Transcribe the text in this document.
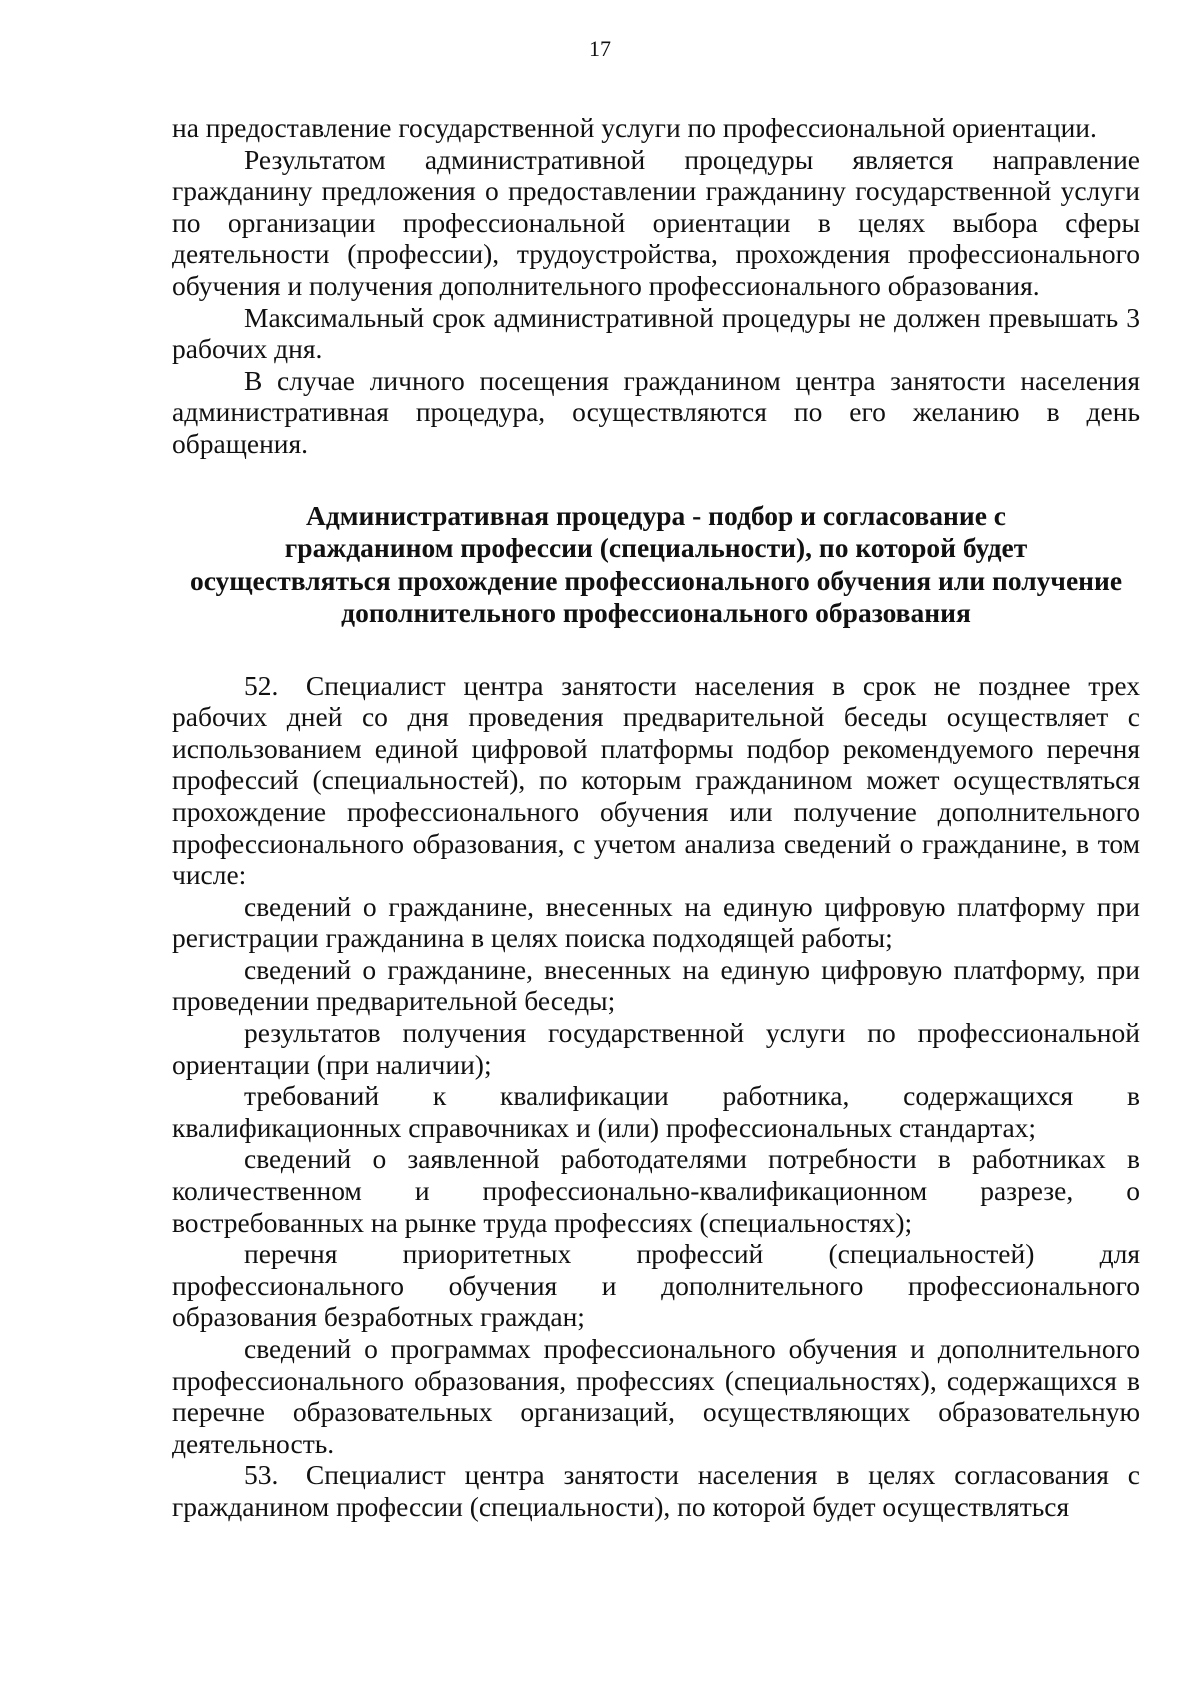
17

на предоставление государственной услуги по профессиональной ориентации.

Результатом административной процедуры является направление гражданину предложения о предоставлении гражданину государственной услуги по организации профессиональной ориентации в целях выбора сферы деятельности (профессии), трудоустройства, прохождения профессионального обучения и получения дополнительного профессионального образования.

Максимальный срок административной процедуры не должен превышать 3 рабочих дня.

В случае личного посещения гражданином центра занятости населения административная процедура, осуществляются по его желанию в день обращения.

Административная процедура - подбор и согласование с
гражданином профессии (специальности), по которой будет
осуществляться прохождение профессионального обучения или получение
дополнительного профессионального образования

52. Специалист центра занятости населения в срок не позднее трех рабочих дней со дня проведения предварительной беседы осуществляет с использованием единой цифровой платформы подбор рекомендуемого перечня профессий (специальностей), по которым гражданином может осуществляться прохождение профессионального обучения или получение дополнительного профессионального образования, с учетом анализа сведений о гражданине, в том числе:

сведений о гражданине, внесенных на единую цифровую платформу при регистрации гражданина в целях поиска подходящей работы;

сведений о гражданине, внесенных на единую цифровую платформу, при проведении предварительной беседы;

результатов получения государственной услуги по профессиональной ориентации (при наличии);

требований к квалификации работника, содержащихся в квалификационных справочниках и (или) профессиональных стандартах;

сведений о заявленной работодателями потребности в работниках в количественном и профессионально-квалификационном разрезе, о востребованных на рынке труда профессиях (специальностях);

перечня приоритетных профессий (специальностей) для профессионального обучения и дополнительного профессионального образования безработных граждан;

сведений о программах профессионального обучения и дополнительного профессионального образования, профессиях (специальностях), содержащихся в перечне образовательных организаций, осуществляющих образовательную деятельность.

53. Специалист центра занятости населения в целях согласования с гражданином профессии (специальности), по которой будет осуществляться
